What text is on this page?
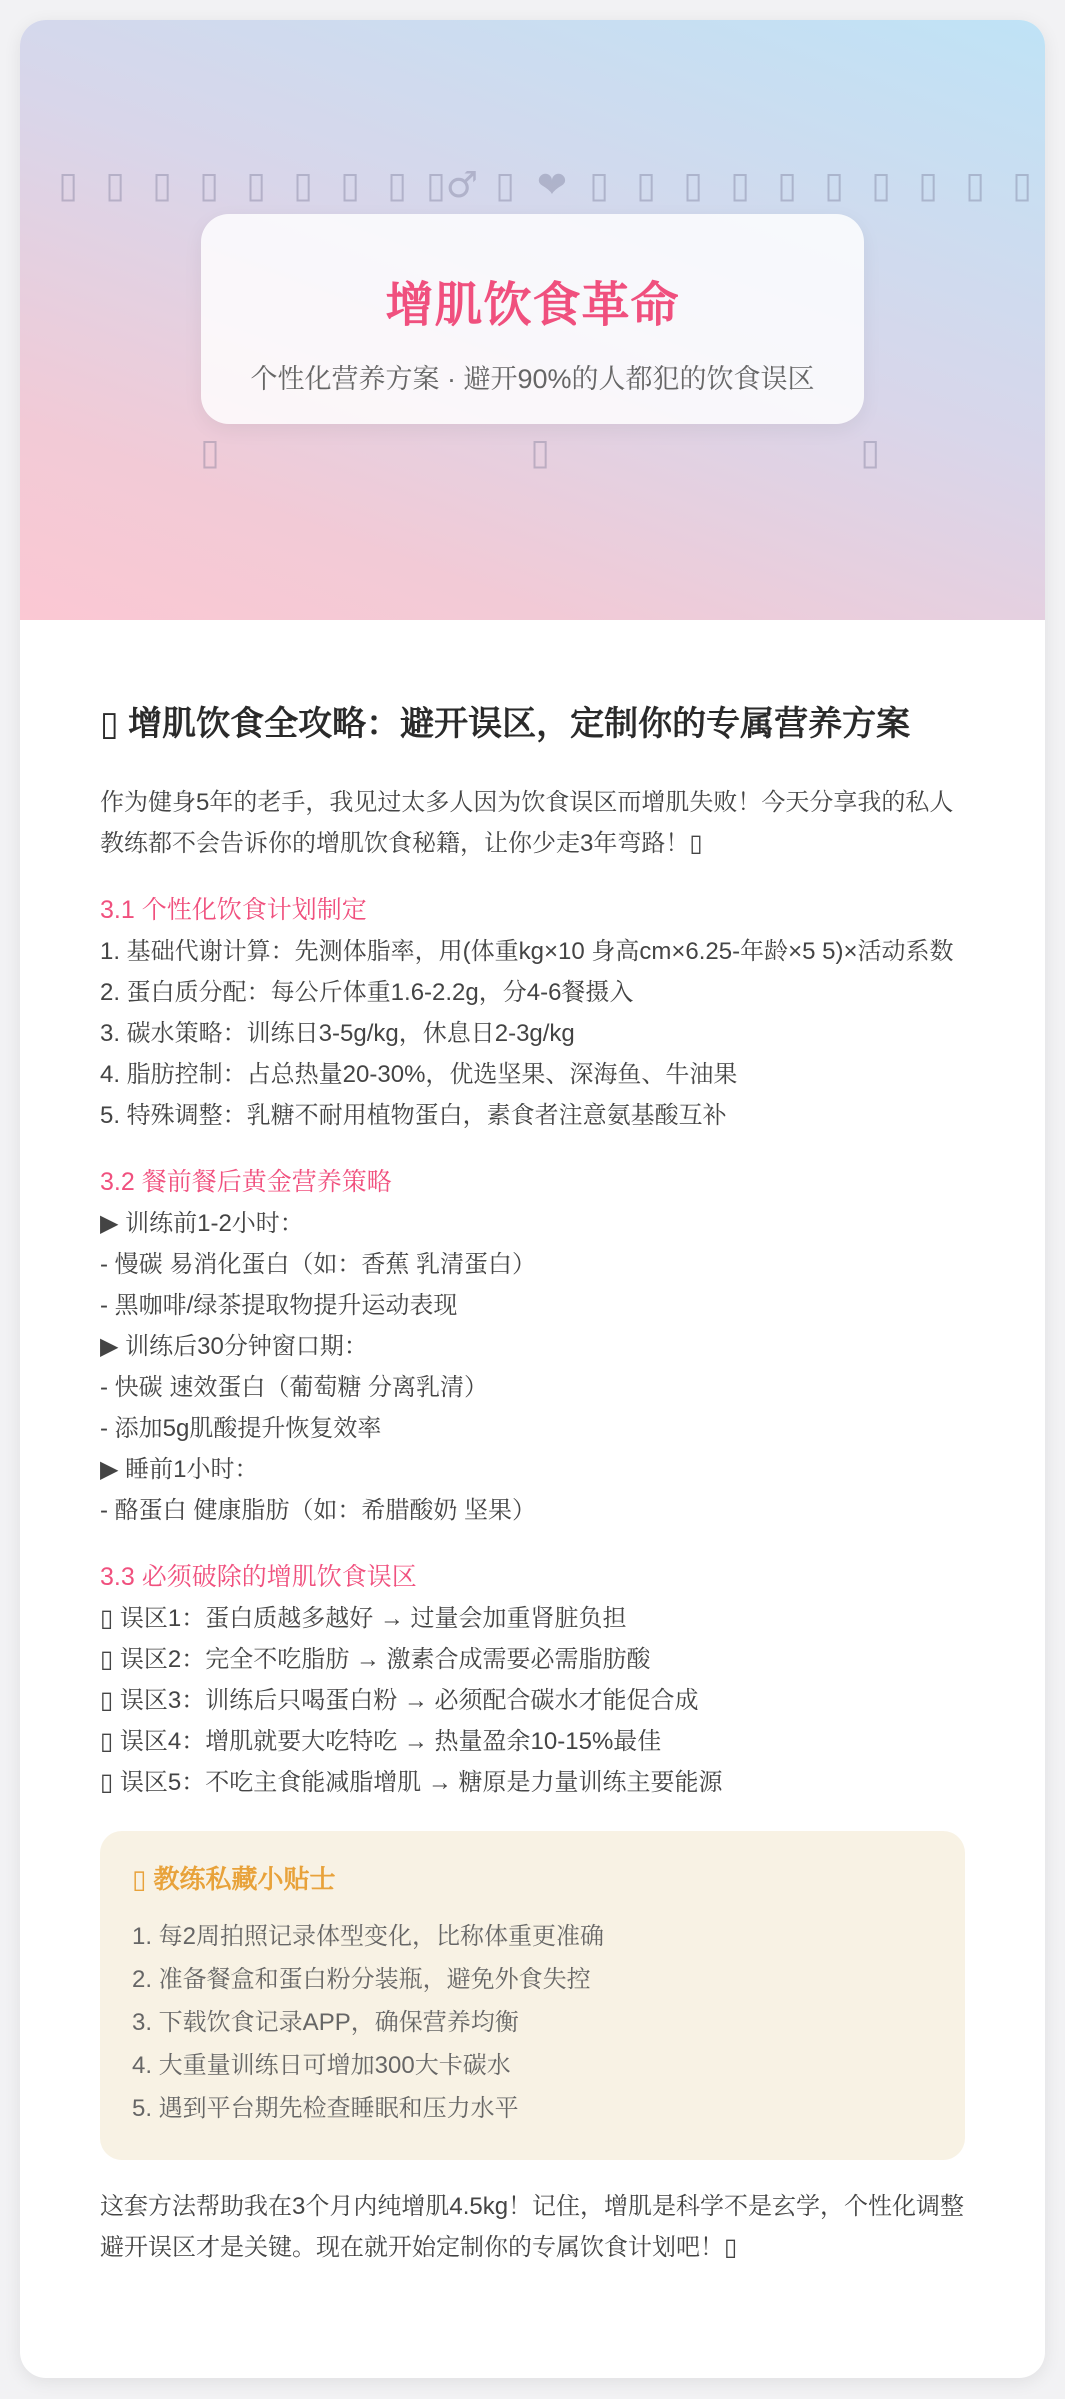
▯ ▯ ▯ ▯ ▯ ▯ ▯ ▯ ▯♂ ▯ ❤ ▯ ▯ ▯ ▯ ▯ ▯ ▯ ▯ ▯ ▯
增肌饮食革命
个性化营养方案 · 避开90%的人都犯的饮食误区
▯	▯	▯
▯ 增肌饮食全攻略：避开误区，定制你的专属营养方案

作为健身5年的老手，我见过太多人因为饮食误区而增肌失败！今天分享我的私人教练都不会告诉你的增肌饮食秘籍，让你少走3年弯路！▯

3.1 个性化饮食计划制定
1. 基础代谢计算：先测体脂率，用(体重kg×10 身高cm×6.25-年龄×5 5)×活动系数
2. 蛋白质分配：每公斤体重1.6-2.2g，分4-6餐摄入
3. 碳水策略：训练日3-5g/kg，休息日2-3g/kg
4. 脂肪控制：占总热量20-30%，优选坚果、深海鱼、牛油果
5. 特殊调整：乳糖不耐用植物蛋白，素食者注意氨基酸互补
3.2 餐前餐后黄金营养策略
▶ 训练前1-2小时：
- 慢碳 易消化蛋白（如：香蕉 乳清蛋白）
- 黑咖啡/绿茶提取物提升运动表现
▶ 训练后30分钟窗口期：
- 快碳 速效蛋白（葡萄糖 分离乳清）
- 添加5g肌酸提升恢复效率
▶ 睡前1小时：
- 酪蛋白 健康脂肪（如：希腊酸奶 坚果）
3.3 必须破除的增肌饮食误区
▯ 误区1：蛋白质越多越好 → 过量会加重肾脏负担
▯ 误区2：完全不吃脂肪 → 激素合成需要必需脂肪酸
▯ 误区3：训练后只喝蛋白粉 → 必须配合碳水才能促合成
▯ 误区4：增肌就要大吃特吃 → 热量盈余10-15%最佳
▯ 误区5：不吃主食能减脂增肌 → 糖原是力量训练主要能源
▯ 教练私藏小贴士
1. 每2周拍照记录体型变化，比称体重更准确
2. 准备餐盒和蛋白粉分装瓶，避免外食失控
3. 下载饮食记录APP，确保营养均衡
4. 大重量训练日可增加300大卡碳水
5. 遇到平台期先检查睡眠和压力水平

这套方法帮助我在3个月内纯增肌4.5kg！记住，增肌是科学不是玄学，个性化调整避开误区才是关键。现在就开始定制你的专属饮食计划吧！▯
